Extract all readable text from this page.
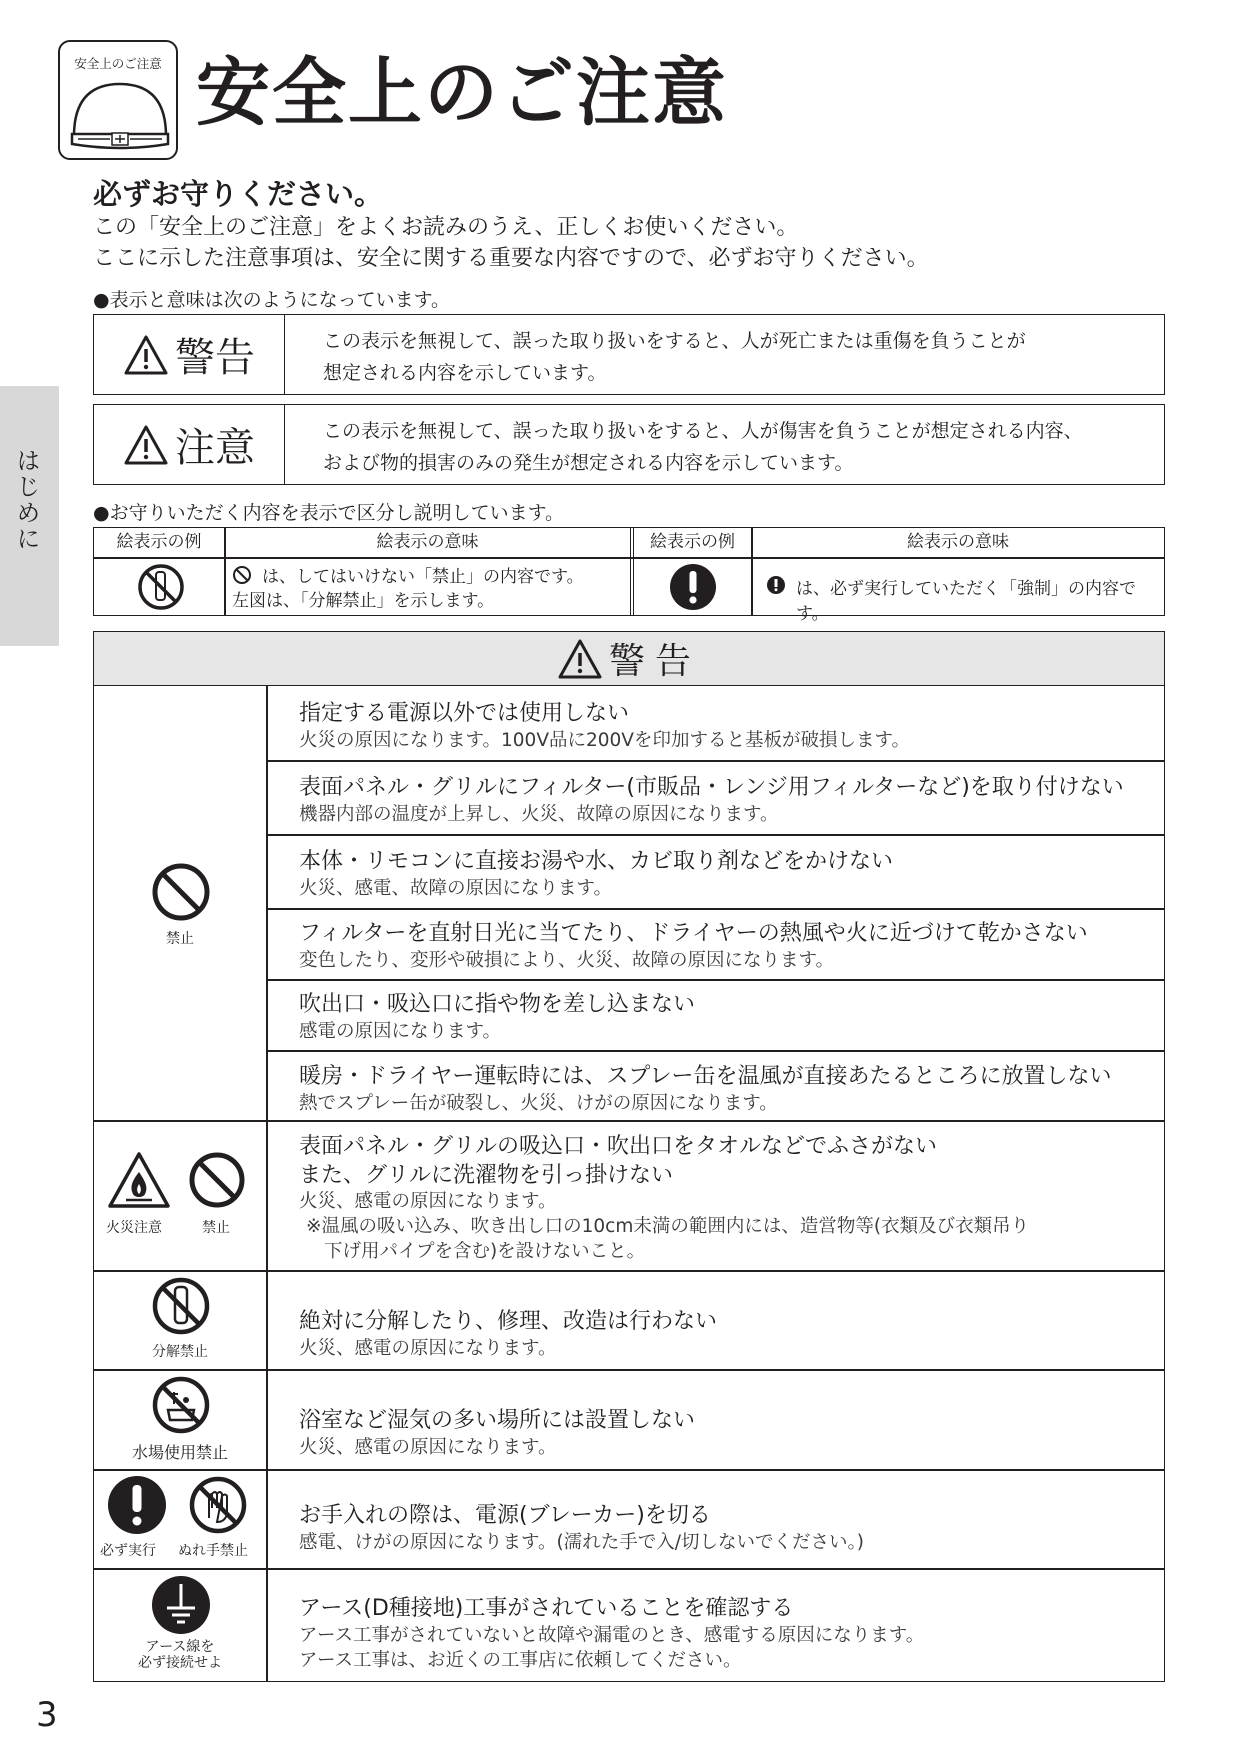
安全上のご注意 安全上のご注意
必ずお守りください。
この「安全上のご注意」をよくお読みのうえ、正しくお使いください。
ここに示した注意事項は、安全に関する重要な内容ですので、必ずお守りください。
●表示と意味は次のようになっています。
警告	この表示を無視して、誤った取り扱いをすると、人が死亡または重傷を負うことが
想定される内容を示しています。
注意	この表示を無視して、誤った取り扱いをすると、人が傷害を負うことが想定される内容、
および物的損害のみの発生が想定される内容を示しています。
●お守りいただく内容を表示で区分し説明しています。
絵表示の例	絵表示の意味	絵表示の例	絵表示の意味
は、してはいけない「禁止」の内容です。
左図は、「分解禁止」を示します。
は、必ず実行していただく「強制」の内容です。
警告
禁止
指定する電源以外では使用しない
火災の原因になります。100V品に200Vを印加すると基板が破損します。
表面パネル・グリルにフィルター(市販品・レンジ用フィルターなど)を取り付けない
機器内部の温度が上昇し、火災、故障の原因になります。
本体・リモコンに直接お湯や水、カビ取り剤などをかけない
火災、感電、故障の原因になります。
フィルターを直射日光に当てたり、ドライヤーの熱風や火に近づけて乾かさない
変色したり、変形や破損により、火災、故障の原因になります。
吹出口・吸込口に指や物を差し込まない
感電の原因になります。
暖房・ドライヤー運転時には、スプレー缶を温風が直接あたるところに放置しない
熱でスプレー缶が破裂し、火災、けがの原因になります。
火災注意	禁止
表面パネル・グリルの吸込口・吹出口をタオルなどでふさがない
また、グリルに洗濯物を引っ掛けない
火災、感電の原因になります。
※温風の吸い込み、吹き出し口の10cm未満の範囲内には、造営物等(衣類及び衣類吊り
下げ用パイプを含む)を設けないこと。
分解禁止
絶対に分解したり、修理、改造は行わない
火災、感電の原因になります。
水場使用禁止
浴室など湿気の多い場所には設置しない
火災、感電の原因になります。
必ず実行 ぬれ手禁止
お手入れの際は、電源(ブレーカー)を切る
感電、けがの原因になります。(濡れた手で入/切しないでください。)
アース線を
必ず接続せよ
アース(D種接地)工事がされていることを確認する
アース工事がされていないと故障や漏電のとき、感電する原因になります。
アース工事は、お近くの工事店に依頼してください。
はじめに
3
